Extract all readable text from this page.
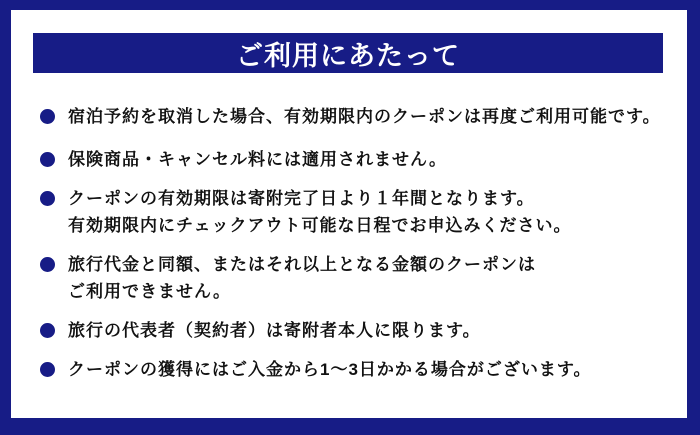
ご利用にあたって
宿泊予約を取消した場合、有効期限内のクーポンは再度ご利用可能です。
保険商品・キャンセル料には適用されません。
クーポンの有効期限は寄附完了日より１年間となります。
有効期限内にチェックアウト可能な日程でお申込みください。
旅行代金と同額、またはそれ以上となる金額のクーポンは
ご利用できません。
旅行の代表者（契約者）は寄附者本人に限ります。
クーポンの獲得にはご入金から1〜3日かかる場合がございます。
